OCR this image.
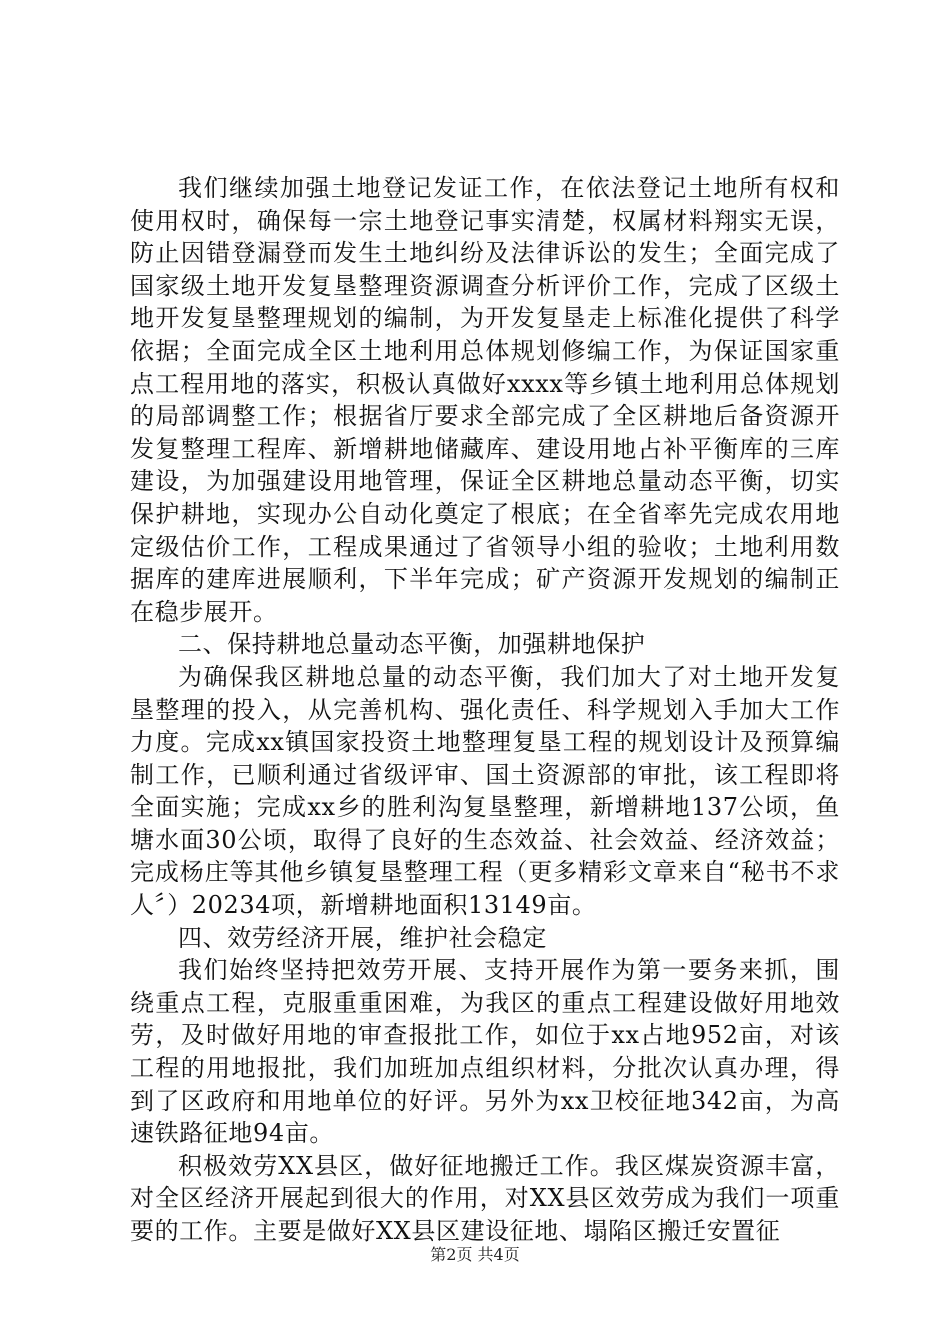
我们继续加强土地登记发证工作，在依法登记土地所有权和使用权时，确保每一宗土地登记事实清楚，权属材料翔实无误，防止因错登漏登而发生土地纠纷及法律诉讼的发生；全面完成了国家级土地开发复垦整理资源调查分析评价工作，完成了区级土地开发复垦整理规划的编制，为开发复垦走上标准化提供了科学依据；全面完成全区土地利用总体规划修编工作，为保证国家重点工程用地的落实，积极认真做好xxxx等乡镇土地利用总体规划的局部调整工作；根据省厅要求全部完成了全区耕地后备资源开发复整理工程库、新增耕地储藏库、建设用地占补平衡库的三库建设，为加强建设用地管理，保证全区耕地总量动态平衡，切实保护耕地，实现办公自动化奠定了根底；在全省率先完成农用地定级估价工作，工程成果通过了省领导小组的验收；土地利用数据库的建库进展顺利，下半年完成；矿产资源开发规划的编制正在稳步展开。

二、保持耕地总量动态平衡，加强耕地保护

为确保我区耕地总量的动态平衡，我们加大了对土地开发复垦整理的投入，从完善机构、强化责任、科学规划入手加大工作力度。完成xx镇国家投资土地整理复垦工程的规划设计及预算编制工作，已顺利通过省级评审、国土资源部的审批，该工程即将全面实施；完成xx乡的胜利沟复垦整理，新增耕地137公顷，鱼塘水面30公顷，取得了良好的生态效益、社会效益、经济效益；完成杨庄等其他乡镇复垦整理工程（更多精彩文章来自“秘书不求人〞）20234项，新增耕地面积13149亩。

四、效劳经济开展，维护社会稳定

我们始终坚持把效劳开展、支持开展作为第一要务来抓，围绕重点工程，克服重重困难，为我区的重点工程建设做好用地效劳，及时做好用地的审查报批工作，如位于xx占地952亩，对该工程的用地报批，我们加班加点组织材料，分批次认真办理，得到了区政府和用地单位的好评。另外为xx卫校征地342亩，为高速铁路征地94亩。

积极效劳XX县区，做好征地搬迁工作。我区煤炭资源丰富，对全区经济开展起到很大的作用，对XX县区效劳成为我们一项重要的工作。主要是做好XX县区建设征地、塌陷区搬迁安置征

第2页 共4页
